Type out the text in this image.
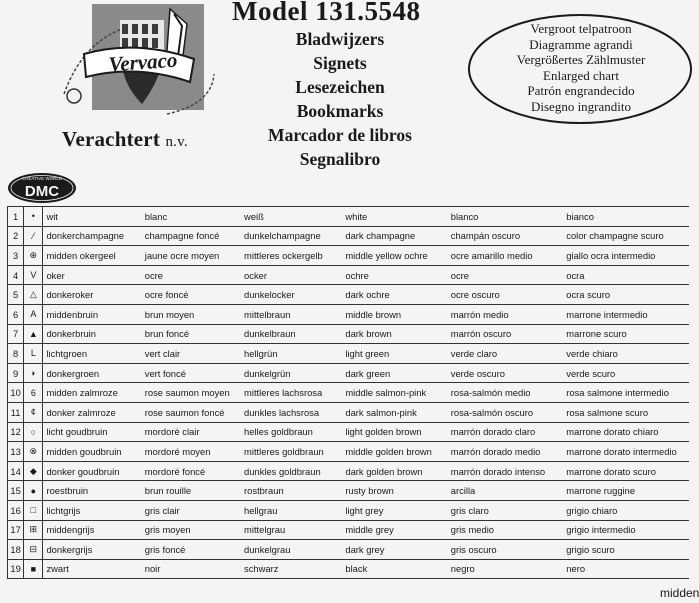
Vervaco
Verachtert n.v.
Model 131.5548
Bladwijzers
Signets
Lesezeichen
Bookmarks
Marcador de libros
Segnalibro
Vergroot telpatroon
Diagramme agrandi
Vergrößertes Zählmuster
Enlarged chart
Patrón engrandecido
Disegno ingrandito
CREATIVE WORLD
DMC
1	•	wit	blanc	weiß	white	blanco	bianco
2	⁄	donkerchampagne	champagne foncé	dunkelchampagne	dark champagne	champán oscuro	color champagne scuro
3	⊕	midden okergeel	jaune ocre moyen	mittleres ockergelb	middle yellow ochre	ocre amarillo medio	giallo ocra intermedio
4	V	oker	ocre	ocker	ochre	ocre	ocra
5	△	donkeroker	ocre foncé	dunkelocker	dark ochre	ocre oscuro	ocra scuro
6	A	middenbruin	brun moyen	mittelbraun	middle brown	marrón medio	marrone intermedio
7	▲	donkerbruin	brun foncé	dunkelbraun	dark brown	marrón oscuro	marrone scuro
8	L	lichtgroen	vert clair	hellgrün	light green	verde claro	verde chiaro
9	◗	donkergroen	vert foncé	dunkelgrün	dark green	verde oscuro	verde scuro
10	6	midden zalmroze	rose saumon moyen	mittleres lachsrosa	middle salmon-pink	rosa-salmón medio	rosa salmone intermedio
11	¢	donker zalmroze	rose saumon foncé	dunkles lachsrosa	dark salmon-pink	rosa-salmón oscuro	rosa salmone scuro
12	○	licht goudbruin	mordoré clair	helles goldbraun	light golden brown	marrón dorado claro	marrone dorato chiaro
13	⊗	midden goudbruin	mordoré moyen	mittleres goldbraun	middle golden brown	marrón dorado medio	marrone dorato intermedio
14	◆	donker goudbruin	mordoré foncé	dunkles goldbraun	dark golden brown	marrón dorado intenso	marrone dorato scuro
15	●	roestbruin	brun rouille	rostbraun	rusty brown	arcilla	marrone ruggine
16	□	lichtgrijs	gris clair	hellgrau	light grey	gris claro	grigio chiaro
17	⊞	middengrijs	gris moyen	mittelgrau	middle grey	gris medio	grigio intermedio
18	⊟	donkergrijs	gris foncé	dunkelgrau	dark grey	gris oscuro	grigio scuro
19	■	zwart	noir	schwarz	black	negro	nero
midden
